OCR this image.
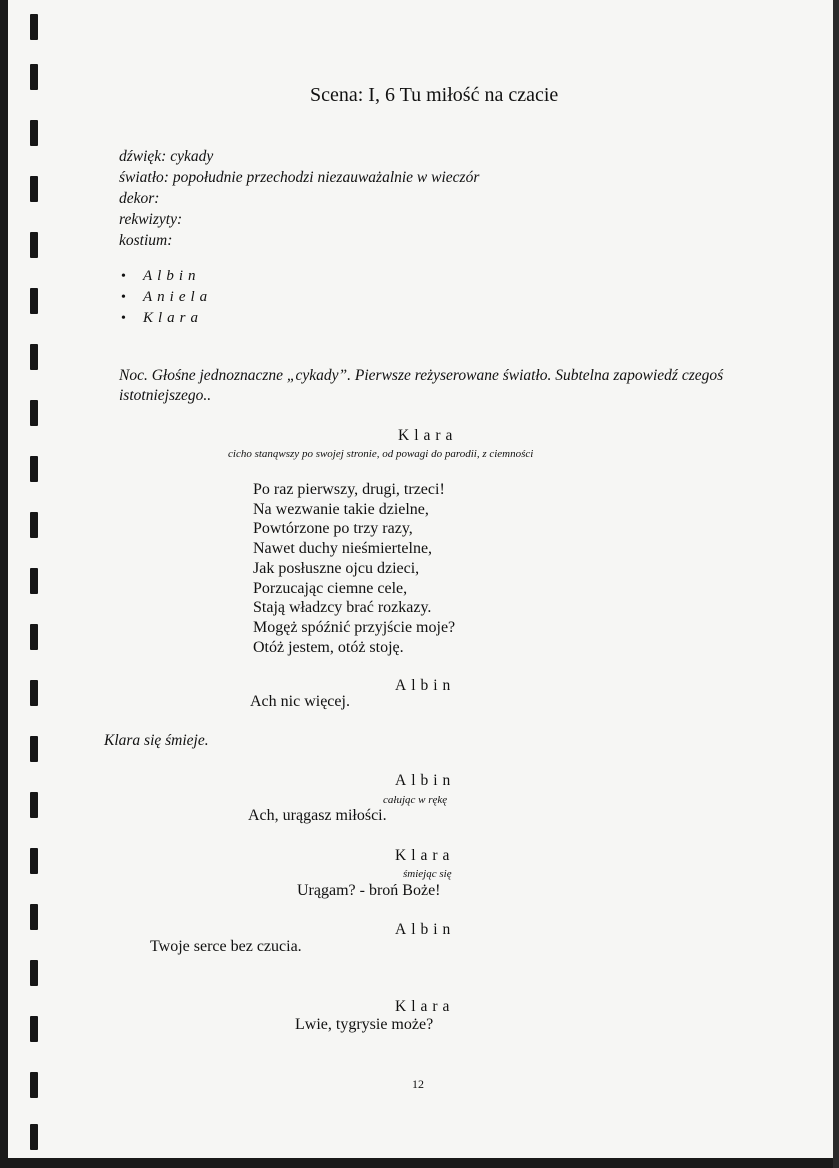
Scena: I, 6 Tu miłość na czacie
dźwięk: cykady
światło: popołudnie przechodzi niezauważalnie w wieczór
dekor:
rekwizyty:
kostium:
• Albin
• Aniela
• Klara
Noc. Głośne jednoznaczne „cykady”. Pierwsze reżyserowane światło. Subtelna zapowiedź czegoś istotniejszego..
Klara
cicho stanąwszy po swojej stronie, od powagi do parodii, z ciemności
Po raz pierwszy, drugi, trzeci!
Na wezwanie takie dzielne,
Powtórzone po trzy razy,
Nawet duchy nieśmiertelne,
Jak posłuszne ojcu dzieci,
Porzucając ciemne cele,
Stają władzcy brać rozkazy.
Mogęż spóźnić przyjście moje?
Otóż jestem, otóż stoję.
Albin
Ach nic więcej.
Klara się śmieje.
Albin
całując w rękę
Ach, urągasz miłości.
Klara
śmiejąc się
Urągam? - broń Boże!
Albin
Twoje serce bez czucia.
Klara
Lwie, tygrysie może?
12
